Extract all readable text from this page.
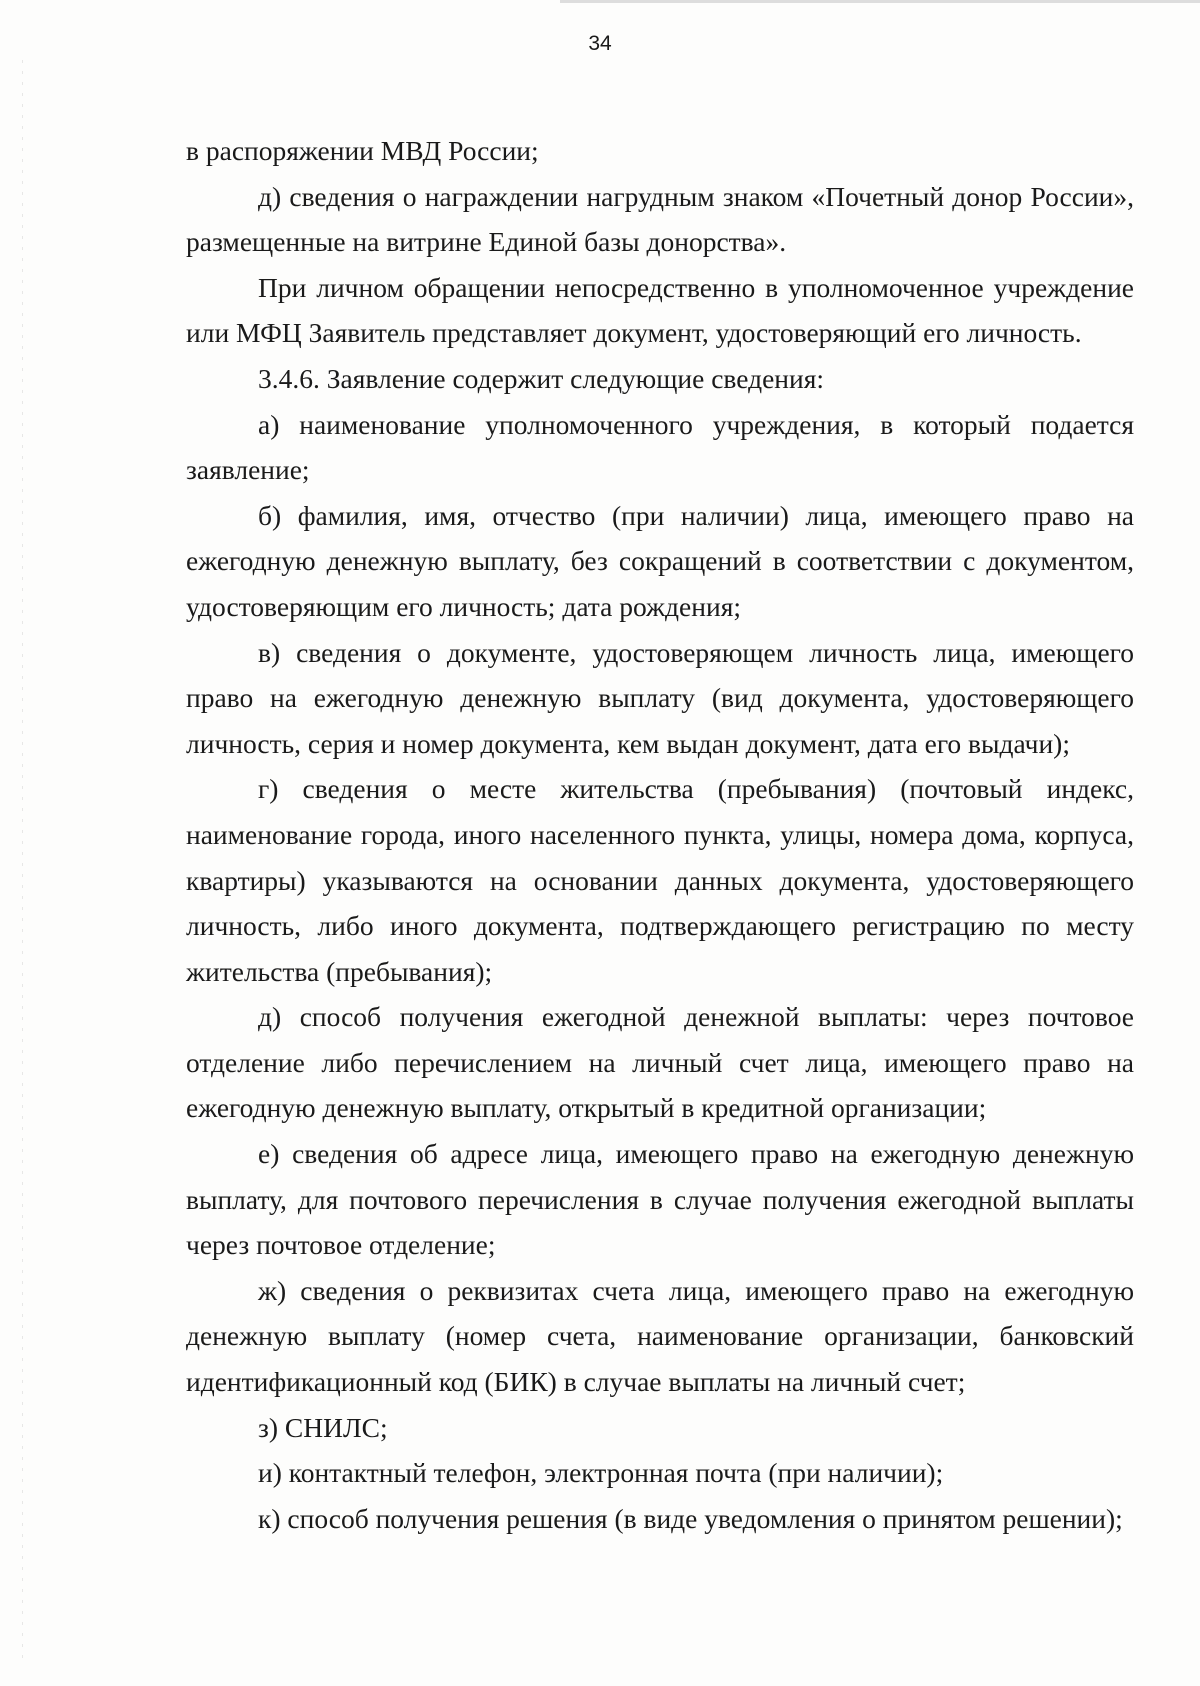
34

в распоряжении МВД России;

д) сведения о награждении нагрудным знаком «Почетный донор России», размещенные на витрине Единой базы донорства».

При личном обращении непосредственно в уполномоченное учреждение или МФЦ Заявитель представляет документ, удостоверяющий его личность.

3.4.6. Заявление содержит следующие сведения:

а) наименование уполномоченного учреждения, в который подается заявление;

б) фамилия, имя, отчество (при наличии) лица, имеющего право на ежегодную денежную выплату, без сокращений в соответствии с документом, удостоверяющим его личность; дата рождения;

в) сведения о документе, удостоверяющем личность лица, имеющего право на ежегодную денежную выплату (вид документа, удостоверяющего личность, серия и номер документа, кем выдан документ, дата его выдачи);

г) сведения о месте жительства (пребывания) (почтовый индекс, наименование города, иного населенного пункта, улицы, номера дома, корпуса, квартиры) указываются на основании данных документа, удостоверяющего личность, либо иного документа, подтверждающего регистрацию по месту жительства (пребывания);

д) способ получения ежегодной денежной выплаты: через почтовое отделение либо перечислением на личный счет лица, имеющего право на ежегодную денежную выплату, открытый в кредитной организации;

е) сведения об адресе лица, имеющего право на ежегодную денежную выплату, для почтового перечисления в случае получения ежегодной выплаты через почтовое отделение;

ж) сведения о реквизитах счета лица, имеющего право на ежегодную денежную выплату (номер счета, наименование организации, банковский идентификационный код (БИК) в случае выплаты на личный счет;

з) СНИЛС;

и) контактный телефон, электронная почта (при наличии);

к) способ получения решения (в виде уведомления о принятом решении);
